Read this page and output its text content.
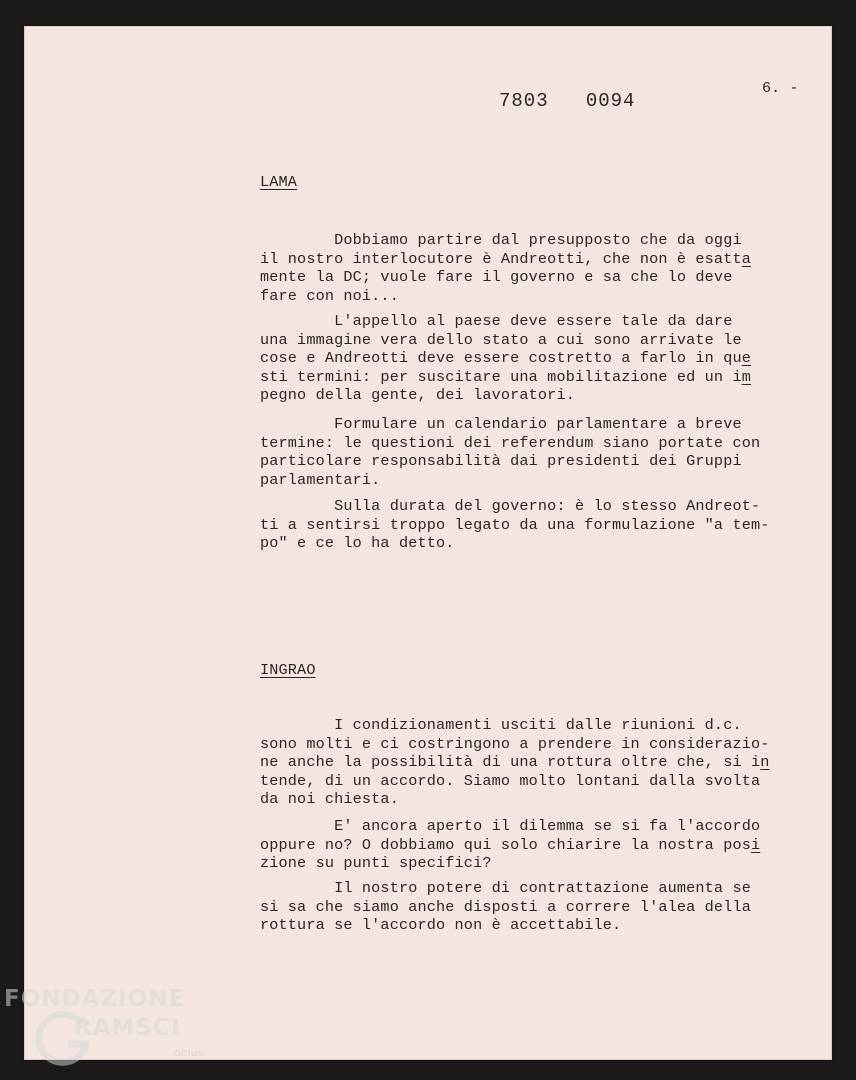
7803   0094
6. -
LAMA
Dobbiamo partire dal presupposto che da oggi
il nostro interlocutore è Andreotti, che non è esatta
mente la DC; vuole fare il governo e sa che lo deve
fare con noi...
L'appello al paese deve essere tale da dare
una immagine vera dello stato a cui sono arrivate le
cose e Andreotti deve essere costretto a farlo in que
sti termini: per suscitare una mobilitazione ed un im
pegno della gente, dei lavoratori.
Formulare un calendario parlamentare a breve
termine: le questioni dei referendum siano portate con
particolare responsabilità dai presidenti dei Gruppi
parlamentari.
Sulla durata del governo: è lo stesso Andreot-
ti a sentirsi troppo legato da una formulazione "a tem-
po" e ce lo ha detto.
INGRAO
I condizionamenti usciti dalle riunioni d.c.
sono molti e ci costringono a prendere in considerazio-
ne anche la possibilità di una rottura oltre che, si in
tende, di un accordo. Siamo molto lontani dalla svolta
da noi chiesta.
E' ancora aperto il dilemma se si fa l'accordo
oppure no? O dobbiamo qui solo chiarire la nostra posi
zione su punti specifici?
Il nostro potere di contrattazione aumenta se
si sa che siamo anche disposti a correre l'alea della
rottura se l'accordo non è accettabile.
FONDAZIONE
RAMSCI
onlus
